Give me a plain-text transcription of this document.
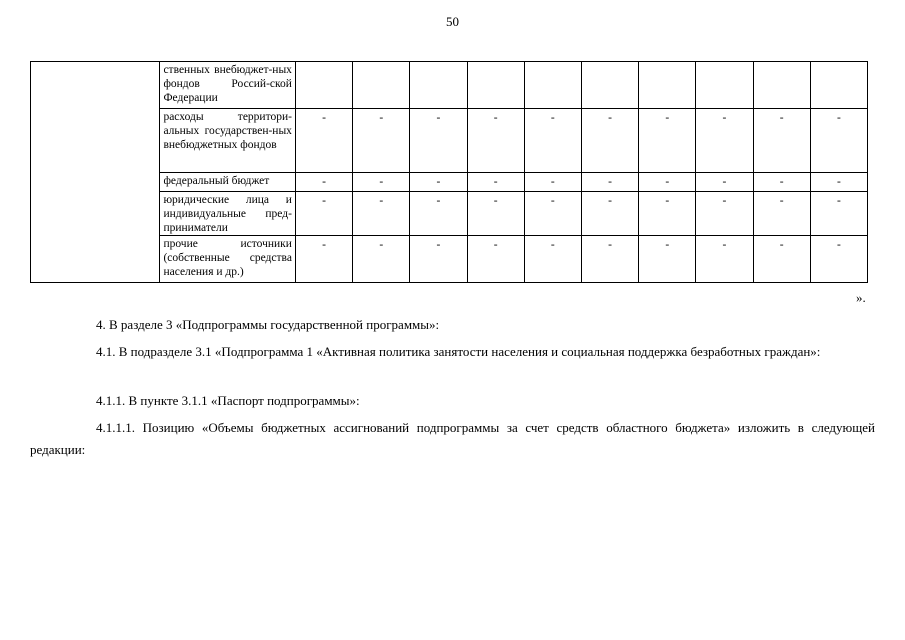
50
	ственных внебюджет-ных фондов Россий-ской Федерации										
	расходы территори-альных государствен-ных внебюджетных фондов	-	-	-	-	-	-	-	-	-	-
	федеральный бюджет	-	-	-	-	-	-	-	-	-	-
	юридические лица и индивидуальные пред-приниматели	-	-	-	-	-	-	-	-	-	-
	прочие источники (собственные средства населения и др.)	-	-	-	-	-	-	-	-	-	-
».
4. В разделе 3 «Подпрограммы государственной программы»:
4.1. В подразделе 3.1 «Подпрограмма 1 «Активная политика занятости населения и социальная поддержка безработных граждан»:
4.1.1. В пункте 3.1.1 «Паспорт подпрограммы»:
4.1.1.1. Позицию «Объемы бюджетных ассигнований подпрограммы за счет средств областного бюджета» изложить в следующей редакции:
